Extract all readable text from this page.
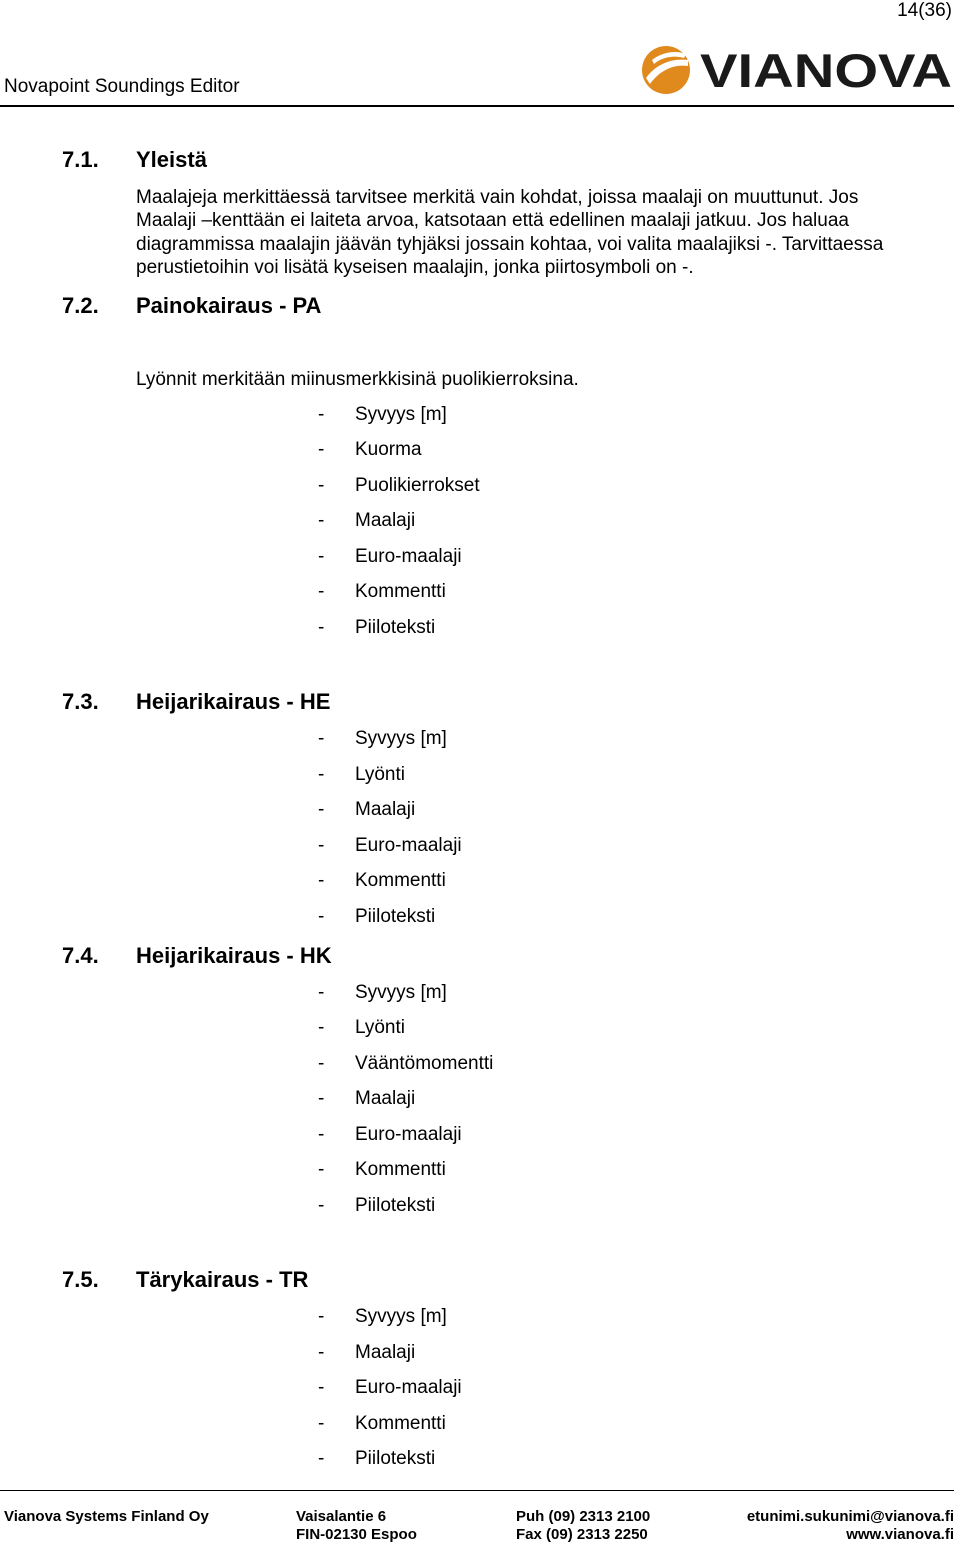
14(36)
Novapoint Soundings Editor	VIANOVA
7.1. Yleistä
Maalajeja merkittäessä tarvitsee merkitä vain kohdat, joissa maalaji on muuttunut. Jos
Maalaji –kenttään ei laiteta arvoa, katsotaan että edellinen maalaji jatkuu. Jos haluaa
diagrammissa maalajin jäävän tyhjäksi jossain kohtaa, voi valita maalajiksi -. Tarvittaessa
perustietoihin voi lisätä kyseisen maalajin, jonka piirtosymboli on -.
7.2. Painokairaus - PA
Lyönnit merkitään miinusmerkkisinä puolikierroksina.
- Syvyys [m]
- Kuorma
- Puolikierrokset
- Maalaji
- Euro-maalaji
- Kommentti
- Piiloteksti
7.3. Heijarikairaus - HE
- Syvyys [m]
- Lyönti
- Maalaji
- Euro-maalaji
- Kommentti
- Piiloteksti
7.4. Heijarikairaus - HK
- Syvyys [m]
- Lyönti
- Vääntömomentti
- Maalaji
- Euro-maalaji
- Kommentti
- Piiloteksti
7.5. Tärykairaus - TR
- Syvyys [m]
- Maalaji
- Euro-maalaji
- Kommentti
- Piiloteksti
Vianova Systems Finland Oy	Vaisalantie 6
FIN-02130 Espoo
Puh (09) 2313 2100
Fax (09) 2313 2250
etunimi.sukunimi@vianova.fi
www.vianova.fi
